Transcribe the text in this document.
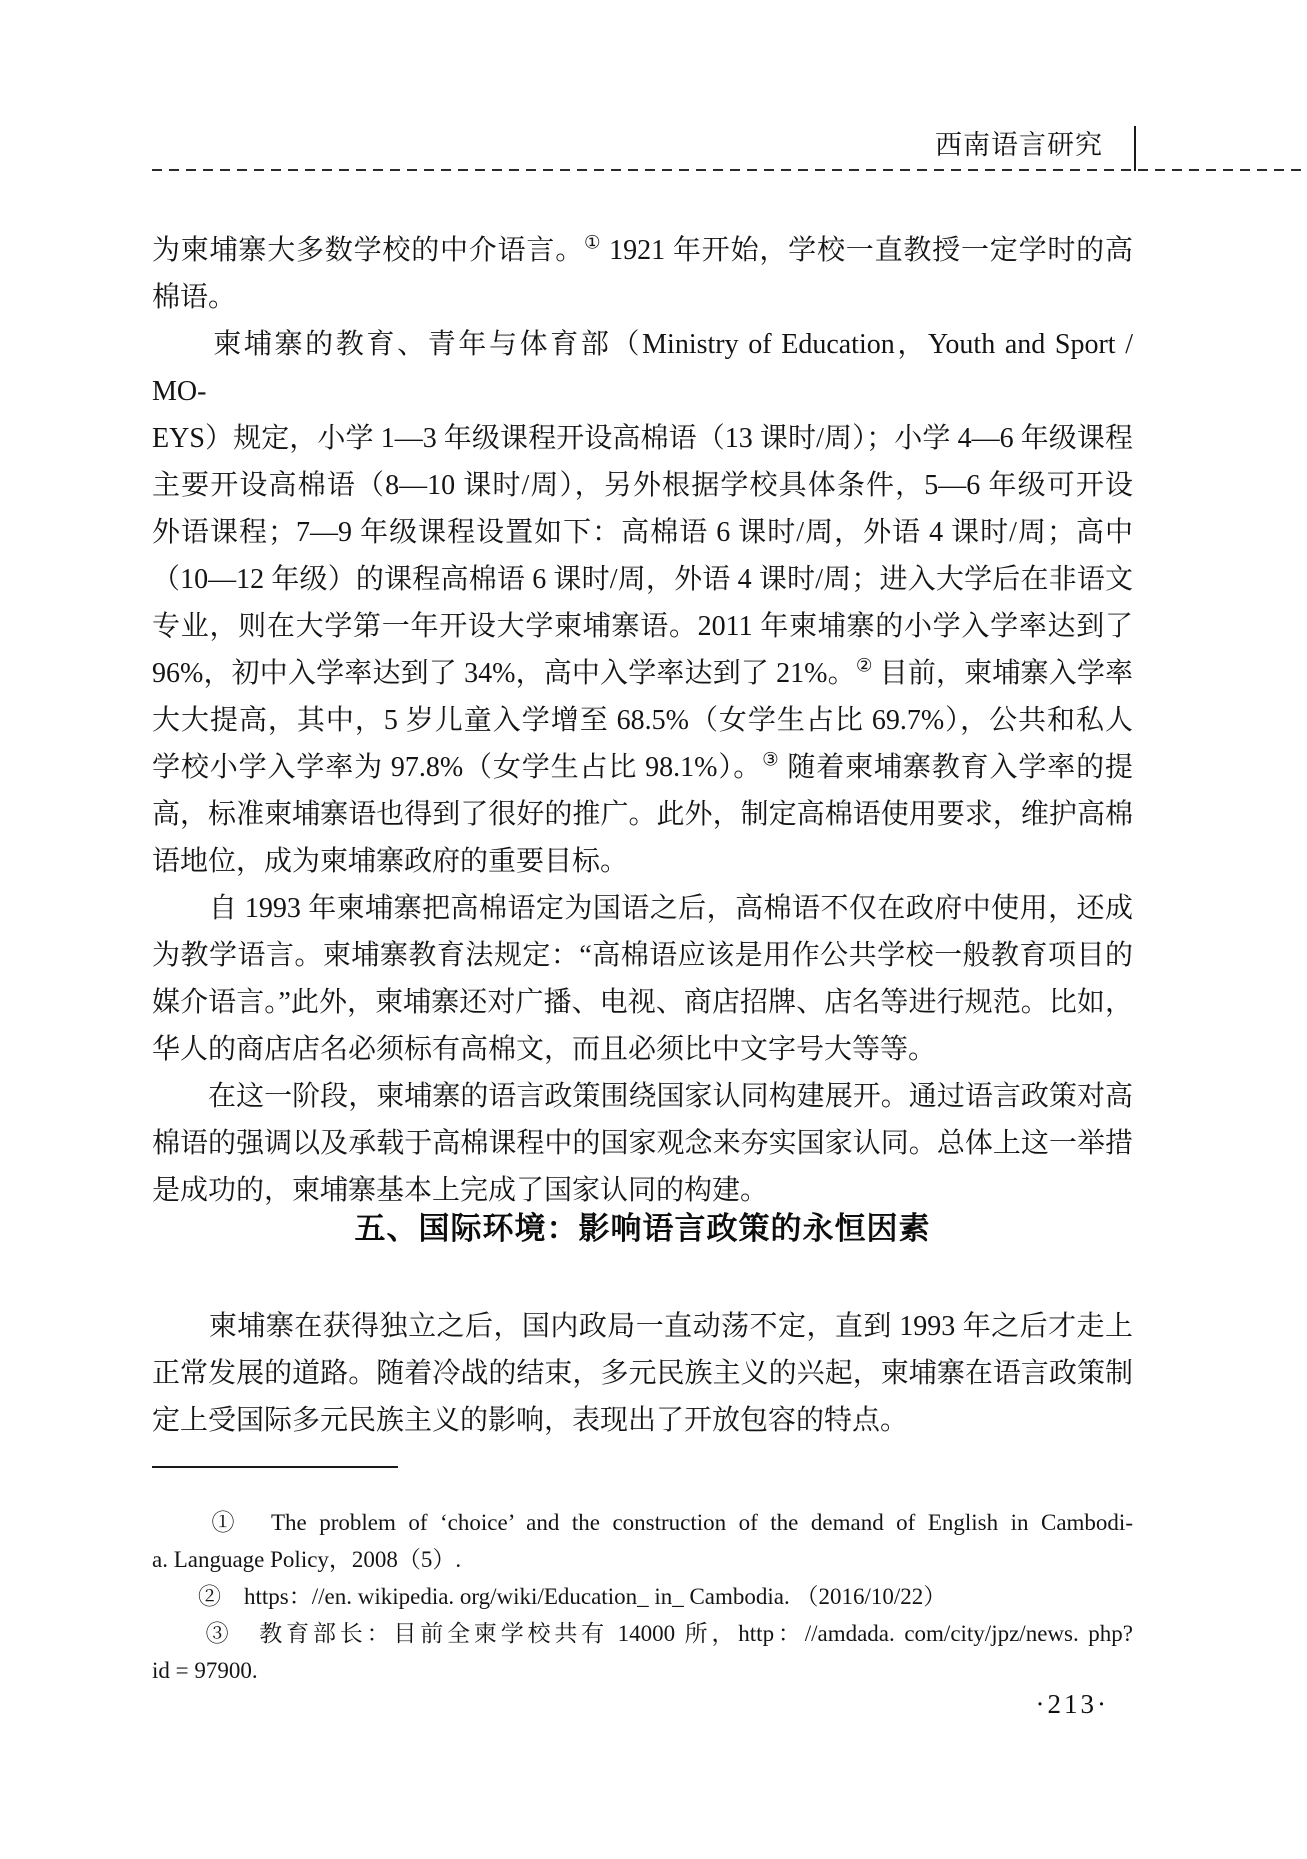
西南语言研究
为柬埔寨大多数学校的中介语言。① 1921 年开始，学校一直教授一定学时的高
棉语。
　　柬埔寨的教育、青年与体育部（Ministry of Education，Youth and Sport / MO-
EYS）规定，小学 1—3 年级课程开设高棉语（13 课时/周）；小学 4—6 年级课程
主要开设高棉语（8—10 课时/周），另外根据学校具体条件，5—6 年级可开设
外语课程；7—9 年级课程设置如下：高棉语 6 课时/周，外语 4 课时/周；高中
（10—12 年级）的课程高棉语 6 课时/周，外语 4 课时/周；进入大学后在非语文
专业，则在大学第一年开设大学柬埔寨语。2011 年柬埔寨的小学入学率达到了
96%，初中入学率达到了 34%，高中入学率达到了 21%。② 目前，柬埔寨入学率
大大提高，其中，5 岁儿童入学增至 68.5%（女学生占比 69.7%），公共和私人
学校小学入学率为 97.8%（女学生占比 98.1%）。③ 随着柬埔寨教育入学率的提
高，标准柬埔寨语也得到了很好的推广。此外，制定高棉语使用要求，维护高棉
语地位，成为柬埔寨政府的重要目标。
　　自 1993 年柬埔寨把高棉语定为国语之后，高棉语不仅在政府中使用，还成
为教学语言。柬埔寨教育法规定：“高棉语应该是用作公共学校一般教育项目的
媒介语言。”此外，柬埔寨还对广播、电视、商店招牌、店名等进行规范。比如，
华人的商店店名必须标有高棉文，而且必须比中文字号大等等。
　　在这一阶段，柬埔寨的语言政策围绕国家认同构建展开。通过语言政策对高
棉语的强调以及承载于高棉课程中的国家观念来夯实国家认同。总体上这一举措
是成功的，柬埔寨基本上完成了国家认同的构建。
五、国际环境：影响语言政策的永恒因素
　　柬埔寨在获得独立之后，国内政局一直动荡不定，直到 1993 年之后才走上
正常发展的道路。随着冷战的结束，多元民族主义的兴起，柬埔寨在语言政策制
定上受国际多元民族主义的影响，表现出了开放包容的特点。
　　①　The problem of ‘choice’ and the construction of the demand of English in Cambodi-
a. Language Policy，2008（5）.
　　②　https：//en. wikipedia. org/wiki/Education_ in_ Cambodia. （2016/10/22）
　　③　教育部长：目前全柬学校共有 14000 所，http：//amdada. com/city/jpz/news. php?
id = 97900.
·213·
